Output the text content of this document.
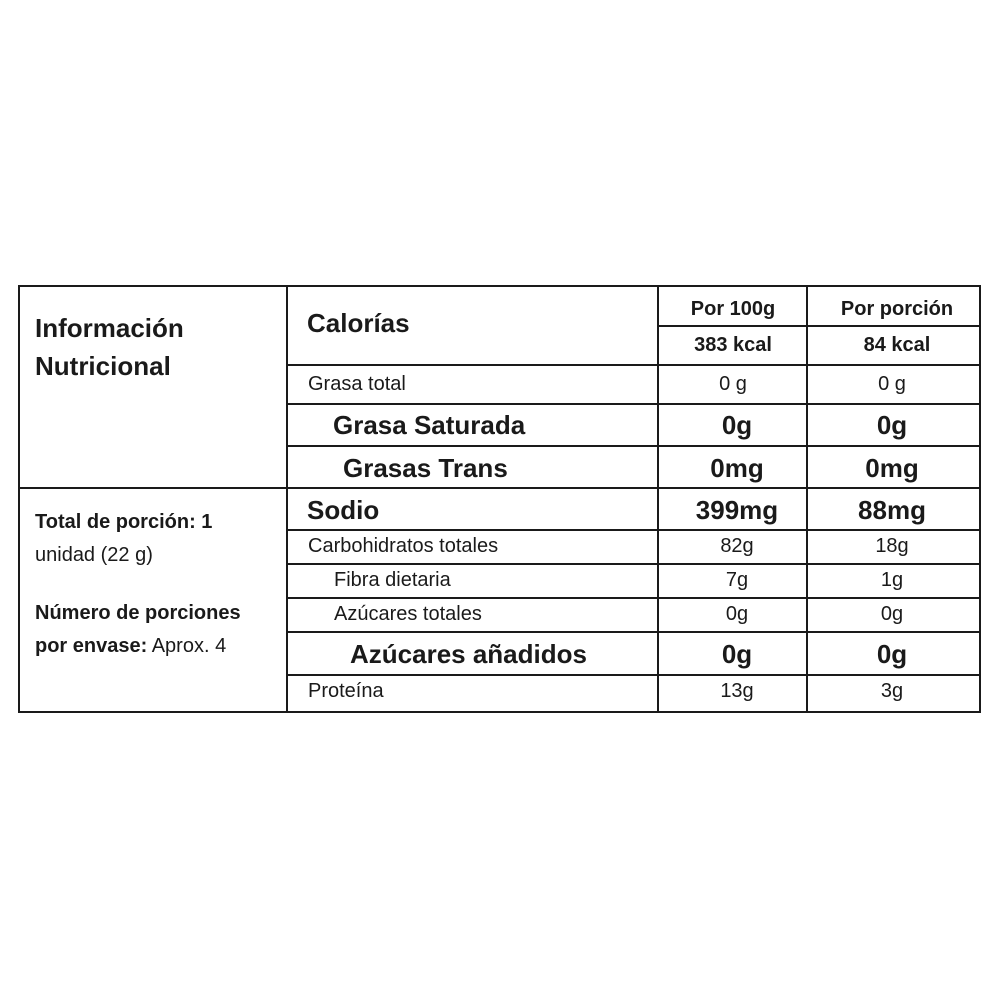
Información
Nutricional
Total de porción: 1
unidad (22 g)
Número de porciones
por envase: Aprox. 4
Calorías	Por 100g	Por porción
383 kcal	84 kcal
Grasa total	0 g	0 g
Grasa Saturada	0g	0g
Grasas Trans	0mg	0mg
Sodio	399mg	88mg
Carbohidratos totales	82g	18g
Fibra dietaria	7g	1g
Azúcares totales	0g	0g
Azúcares añadidos	0g	0g
Proteína	13g	3g
